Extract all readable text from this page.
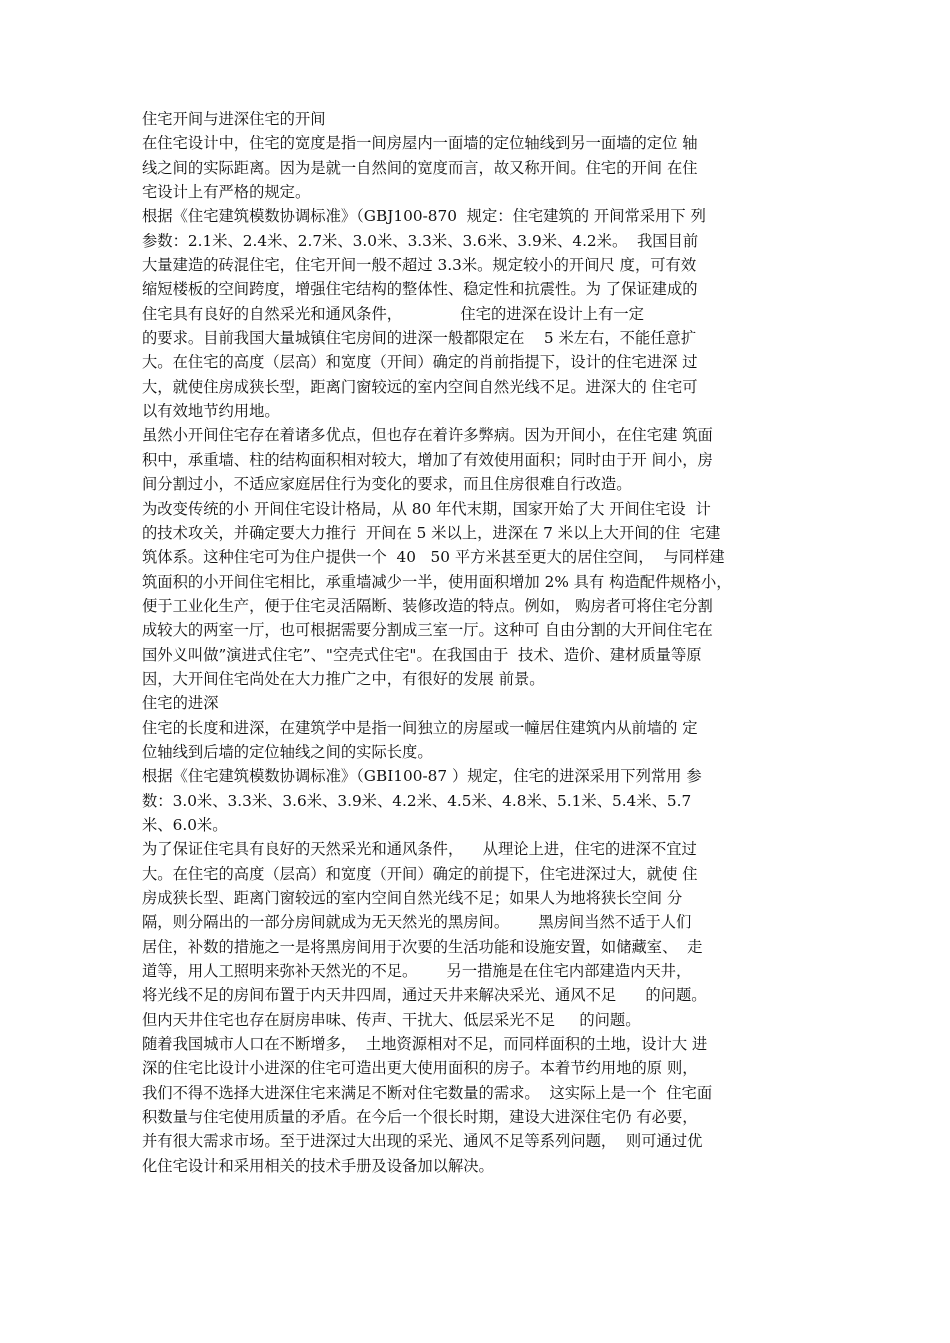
住宅开间与进深住宅的开间
在住宅设计中，住宅的宽度是指一间房屋内一面墙的定位轴线到另一面墙的定位 轴
线之间的实际距离。因为是就一自然间的宽度而言，故又称开间。住宅的开间 在住
宅设计上有严格的规定。
根据《住宅建筑模数协调标准》（GBJ100-870  规定：住宅建筑的 开间常采用下 列
参数：2.1米、2.4米、2.7米、3.0米、3.3米、3.6米、3.9米、4.2米。  我国目前
大量建造的砖混住宅，住宅开间一般不超过 3.3米。规定较小的开间尺 度，可有效
缩短楼板的空间跨度，增强住宅结构的整体性、稳定性和抗震性。为 了保证建成的
住宅具有良好的自然采光和通风条件，            住宅的进深在设计上有一定
的要求。目前我国大量城镇住宅房间的进深一般都限定在    5 米左右，不能任意扩
大。在住宅的高度（层高）和宽度（开间）确定的肖前指提下，设计的住宅进深 过
大，就使住房成狭长型，距离门窗较远的室内空间自然光线不足。进深大的 住宅可
以有效地节约用地。
虽然小开间住宅存在着诸多优点，但也存在着许多弊病。因为开间小，在住宅建 筑面
积中，承重墙、柱的结构面积相对较大，增加了有效使用面积；同时由于开 间小，房
间分割过小，不适应家庭居住行为变化的要求，而且住房很难自行改造。
为改变传统的小 开间住宅设计格局，从 80 年代末期，国家开始了大 开间住宅设  计
的技术攻关，并确定要大力推行  开间在 5 米以上，进深在 7 米以上大开间的住  宅建
筑体系。这种住宅可为住户提供一个  40   50 平方米甚至更大的居住空间，  与同样建
筑面积的小开间住宅相比，承重墙减少一半，使用面积增加 2% 具有 构造配件规格小，
便于工业化生产，便于住宅灵活隔断、装修改造的特点。例如， 购房者可将住宅分割
成较大的两室一厅，也可根据需要分割成三室一厅。这种可 自由分割的大开间住宅在
国外义叫做”演进式住宅”、"空壳式住宅"。在我国由于  技术、造价、建材质量等原
因，大开间住宅尚处在大力推广之中，有很好的发展 前景。
住宅的进深
住宅的长度和进深，在建筑学中是指一间独立的房屋或一幢居住建筑内从前墙的 定
位轴线到后墙的定位轴线之间的实际长度。
根据《住宅建筑模数协调标准》（GBI100-87 ）规定，住宅的进深采用下列常用 参
数：3.0米、3.3米、3.6米、3.9米、4.2米、4.5米、4.8米、5.1米、5.4米、5.7
米、6.0米。
为了保证住宅具有良好的天然采光和通风条件，    从理论上进，住宅的进深不宜过
大。在住宅的高度（层高）和宽度（开间）确定的前提下，住宅进深过大，就使 住
房成狭长型、距离门窗较远的室内空间自然光线不足；如果人为地将狭长空间 分
隔，则分隔出的一部分房间就成为无天然光的黑房间。      黑房间当然不适于人们
居住，补数的措施之一是将黑房间用于次要的生活功能和设施安置，如储藏室、  走
道等，用人工照明来弥补天然光的不足。      另一措施是在住宅内部建造内天井，
将光线不足的房间布置于内天井四周，通过天井来解决采光、通风不足      的问题。
但内天井住宅也存在厨房串味、传声、干扰大、低层采光不足     的问题。
随着我国城市人口在不断增多，  土地资源相对不足，而同样面积的土地，设计大 进
深的住宅比设计小进深的住宅可造出更大使用面积的房子。本着节约用地的原 则，
我们不得不选择大进深住宅来满足不断对住宅数量的需求。  这实际上是一个  住宅面
积数量与住宅使用质量的矛盾。在今后一个很长时期，建设大进深住宅仍 有必要，
并有很大需求市场。至于进深过大出现的采光、通风不足等系列问题，  则可通过优
化住宅设计和采用相关的技术手册及设备加以解决。
